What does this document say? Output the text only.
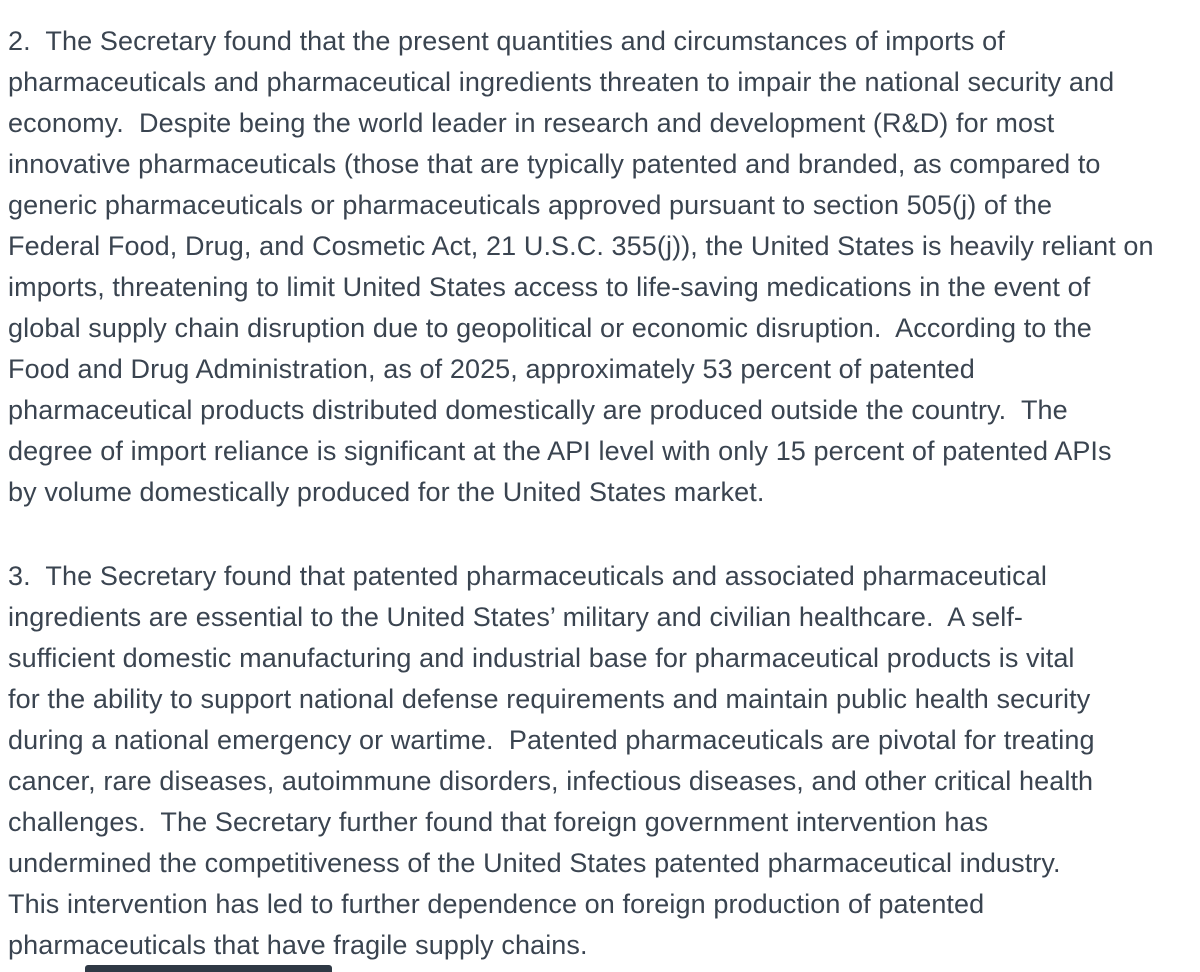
2.  The Secretary found that the present quantities and circumstances of imports of
pharmaceuticals and pharmaceutical ingredients threaten to impair the national security and
economy.  Despite being the world leader in research and development (R&D) for most
innovative pharmaceuticals (those that are typically patented and branded, as compared to
generic pharmaceuticals or pharmaceuticals approved pursuant to section 505(j) of the
Federal Food, Drug, and Cosmetic Act, 21 U.S.C. 355(j)), the United States is heavily reliant on
imports, threatening to limit United States access to life-saving medications in the event of
global supply chain disruption due to geopolitical or economic disruption.  According to the
Food and Drug Administration, as of 2025, approximately 53 percent of patented
pharmaceutical products distributed domestically are produced outside the country.  The
degree of import reliance is significant at the API level with only 15 percent of patented APIs
by volume domestically produced for the United States market.
3.  The Secretary found that patented pharmaceuticals and associated pharmaceutical
ingredients are essential to the United States’ military and civilian healthcare.  A self-
sufficient domestic manufacturing and industrial base for pharmaceutical products is vital
for the ability to support national defense requirements and maintain public health security
during a national emergency or wartime.  Patented pharmaceuticals are pivotal for treating
cancer, rare diseases, autoimmune disorders, infectious diseases, and other critical health
challenges.  The Secretary further found that foreign government intervention has
undermined the competitiveness of the United States patented pharmaceutical industry.
This intervention has led to further dependence on foreign production of patented
pharmaceuticals that have fragile supply chains.
